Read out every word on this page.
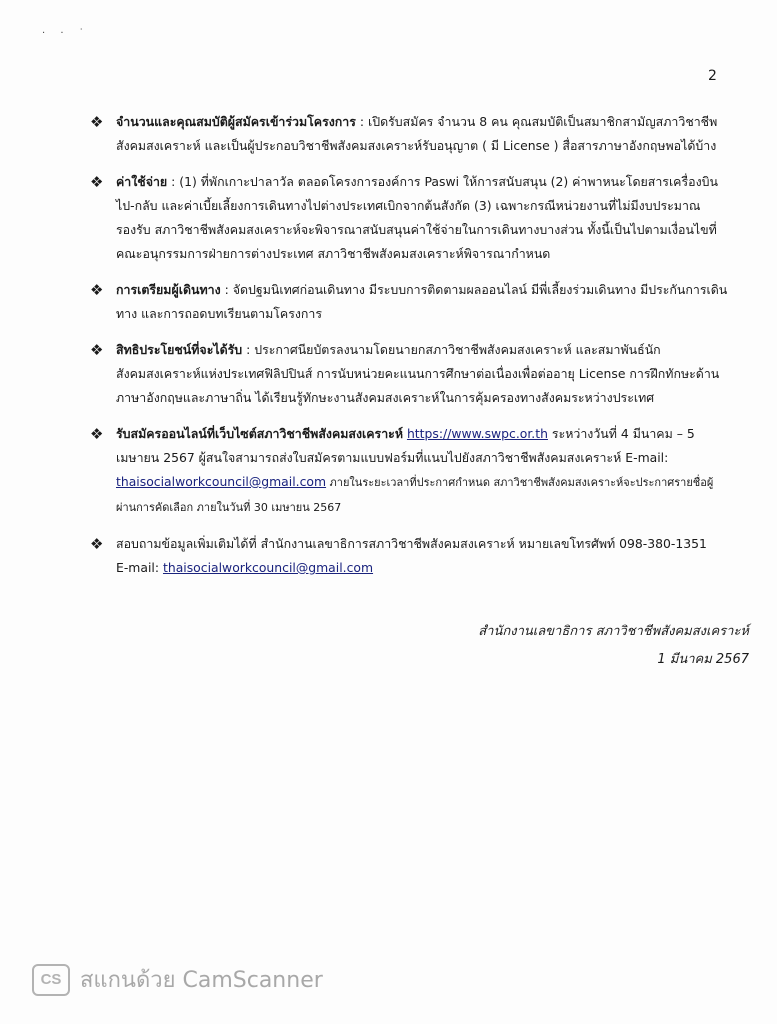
· · ˙
2
❖ จำนวนและคุณสมบัติผู้สมัครเข้าร่วมโครงการ : เปิดรับสมัคร จำนวน 8 คน คุณสมบัติเป็นสมาชิกสามัญสภาวิชาชีพสังคมสงเคราะห์ และเป็นผู้ประกอบวิชาชีพสังคมสงเคราะห์รับอนุญาต ( มี License ) สื่อสารภาษาอังกฤษพอได้บ้าง
❖ ค่าใช้จ่าย : (1) ที่พักเกาะปาลาวัล ตลอดโครงการองค์การ Paswi ให้การสนับสนุน (2) ค่าพาหนะโดยสารเครื่องบินไป-กลับ และค่าเบี้ยเลี้ยงการเดินทางไปต่างประเทศเบิกจากต้นสังกัด (3) เฉพาะกรณีหน่วยงานที่ไม่มีงบประมาณรองรับ สภาวิชาชีพสังคมสงเคราะห์จะพิจารณาสนับสนุนค่าใช้จ่ายในการเดินทางบางส่วน ทั้งนี้เป็นไปตามเงื่อนไขที่คณะอนุกรรมการฝ่ายการต่างประเทศ สภาวิชาชีพสังคมสงเคราะห์พิจารณากำหนด
❖ การเตรียมผู้เดินทาง : จัดปฐมนิเทศก่อนเดินทาง มีระบบการติดตามผลออนไลน์ มีพี่เลี้ยงร่วมเดินทาง มีประกันการเดินทาง และการถอดบทเรียนตามโครงการ
❖ สิทธิประโยชน์ที่จะได้รับ : ประกาศนียบัตรลงนามโดยนายกสภาวิชาชีพสังคมสงเคราะห์ และสมาพันธ์นักสังคมสงเคราะห์แห่งประเทศฟิลิปปินส์ การนับหน่วยคะแนนการศึกษาต่อเนื่องเพื่อต่ออายุ License การฝึกทักษะด้านภาษาอังกฤษและภาษาถิ่น ได้เรียนรู้ทักษะงานสังคมสงเคราะห์ในการคุ้มครองทางสังคมระหว่างประเทศ
❖ รับสมัครออนไลน์ที่เว็บไซต์สภาวิชาชีพสังคมสงเคราะห์ https://www.swpc.or.th ระหว่างวันที่ 4 มีนาคม – 5 เมษายน 2567 ผู้สนใจสามารถส่งใบสมัครตามแบบฟอร์มที่แนบไปยังสภาวิชาชีพสังคมสงเคราะห์ E-mail: thaisocialworkcouncil@gmail.com ภายในระยะเวลาที่ประกาศกำหนด สภาวิชาชีพสังคมสงเคราะห์จะประกาศรายชื่อผู้ผ่านการคัดเลือก ภายในวันที่ 30 เมษายน 2567
❖ สอบถามข้อมูลเพิ่มเติมได้ที่ สำนักงานเลขาธิการสภาวิชาชีพสังคมสงเคราะห์ หมายเลขโทรศัพท์ 098-380-1351
E-mail: thaisocialworkcouncil@gmail.com
สำนักงานเลขาธิการ สภาวิชาชีพสังคมสงเคราะห์
1 มีนาคม 2567
CS สแกนด้วย CamScanner
